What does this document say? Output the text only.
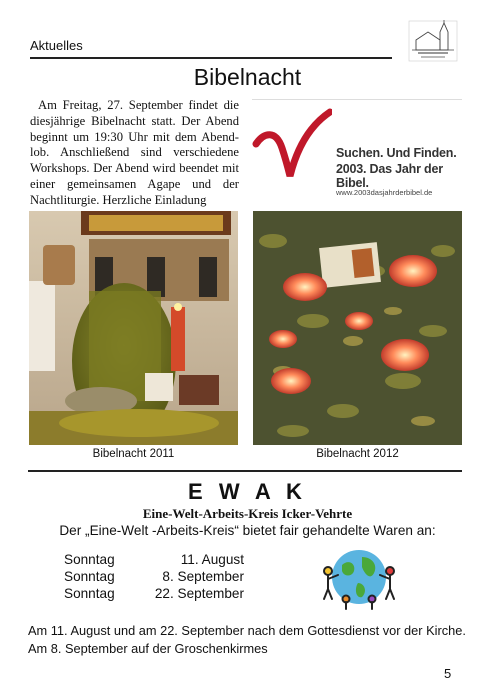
Aktuelles
Bibelnacht
Am Freitag, 27. September findet die diesjährige Bibelnacht statt. Der Abend beginnt um 19:30 Uhr mit dem Abend-lob. Anschließend sind verschiedene Workshops. Der Abend wird beendet mit einer gemeinsamen Agape und der Nachtliturgie. Herzliche Einladung
Suchen. Und Finden.
2003. Das Jahr der Bibel.
www.2003dasjahrderbibel.de
Bibelnacht 2011	Bibelnacht 2012
E W A K
Eine-Welt-Arbeits-Kreis Icker-Vehrte
Der „Eine-Welt -Arbeits-Kreis“ bietet fair gehandelte Waren an:
Sonntag	11. August
Sonntag	8. September
Sonntag	22. September
Am 11. August und am 22. September nach dem Gottesdienst vor der Kirche.
Am 8. September auf der Groschenkirmes
5
